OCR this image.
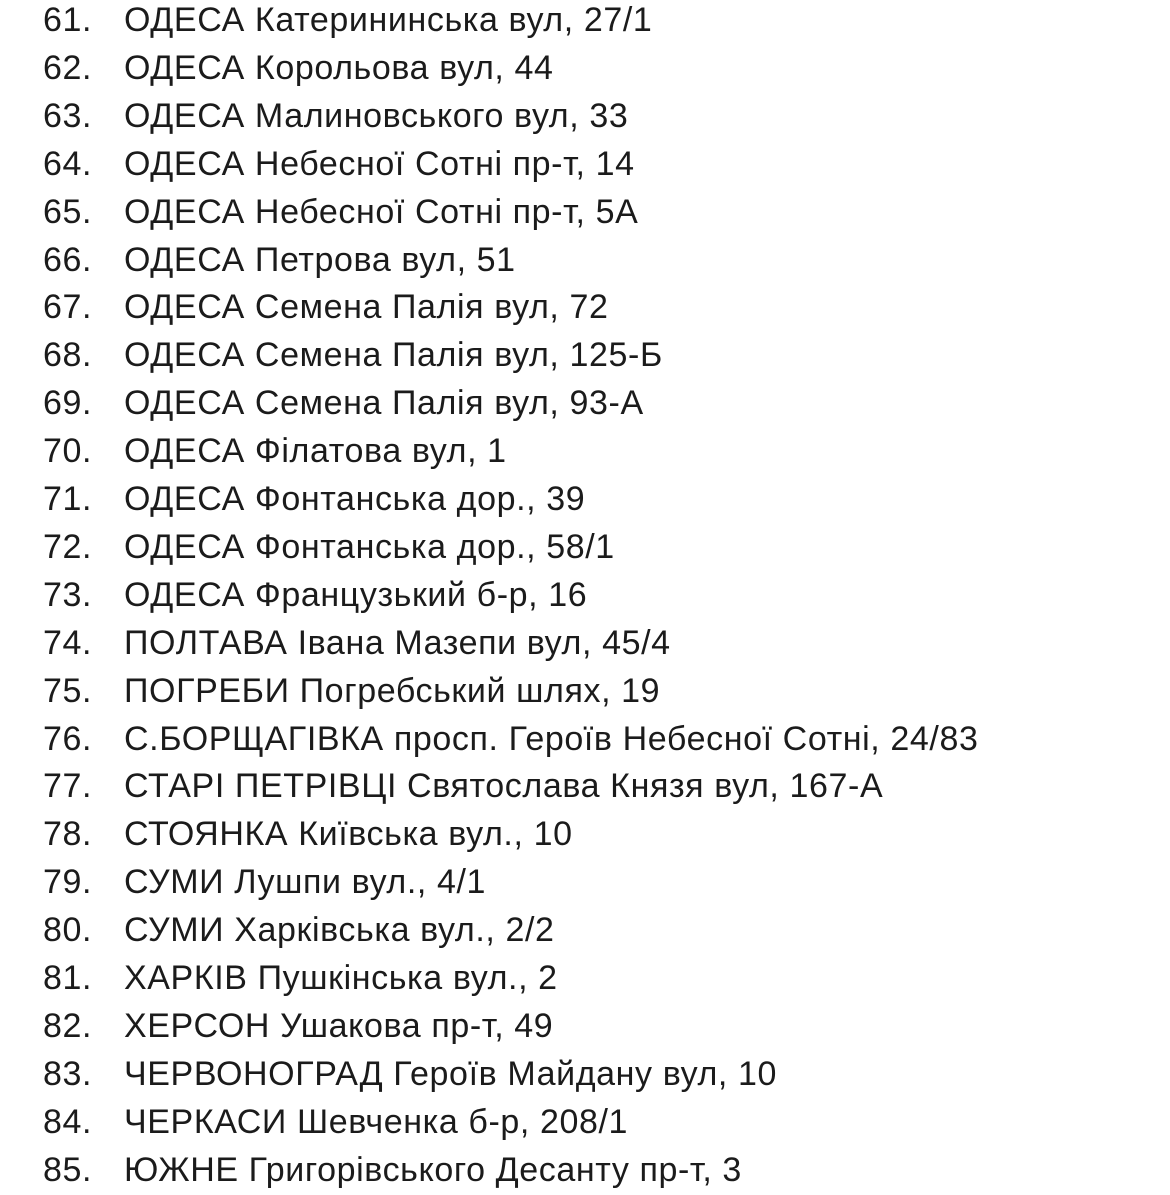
61. ОДЕСА Катерининська вул, 27/1
62. ОДЕСА Корольова вул, 44
63. ОДЕСА Малиновського вул, 33
64. ОДЕСА Небесної Сотні пр-т, 14
65. ОДЕСА Небесної Сотні пр-т, 5А
66. ОДЕСА Петрова вул, 51
67. ОДЕСА Семена Палія вул, 72
68. ОДЕСА Семена Палія вул, 125-Б
69. ОДЕСА Семена Палія вул, 93-А
70. ОДЕСА Філатова вул, 1
71. ОДЕСА Фонтанська дор., 39
72. ОДЕСА Фонтанська дор., 58/1
73. ОДЕСА Французький б-р, 16
74. ПОЛТАВА Івана Мазепи вул, 45/4
75. ПОГРЕБИ Погребський шлях, 19
76. С.БОРЩАГІВКА просп. Героїв Небесної Сотні, 24/83
77. СТАРІ ПЕТРІВЦІ Святослава Князя вул, 167-А
78. СТОЯНКА Київська вул., 10
79. СУМИ Лушпи вул., 4/1
80. СУМИ Харківська вул., 2/2
81. ХАРКІВ Пушкінська вул., 2
82. ХЕРСОН Ушакова пр-т, 49
83. ЧЕРВОНОГРАД Героїв Майдану вул, 10
84. ЧЕРКАСИ Шевченка б-р, 208/1
85. ЮЖНЕ Григорівського Десанту пр-т, 3
